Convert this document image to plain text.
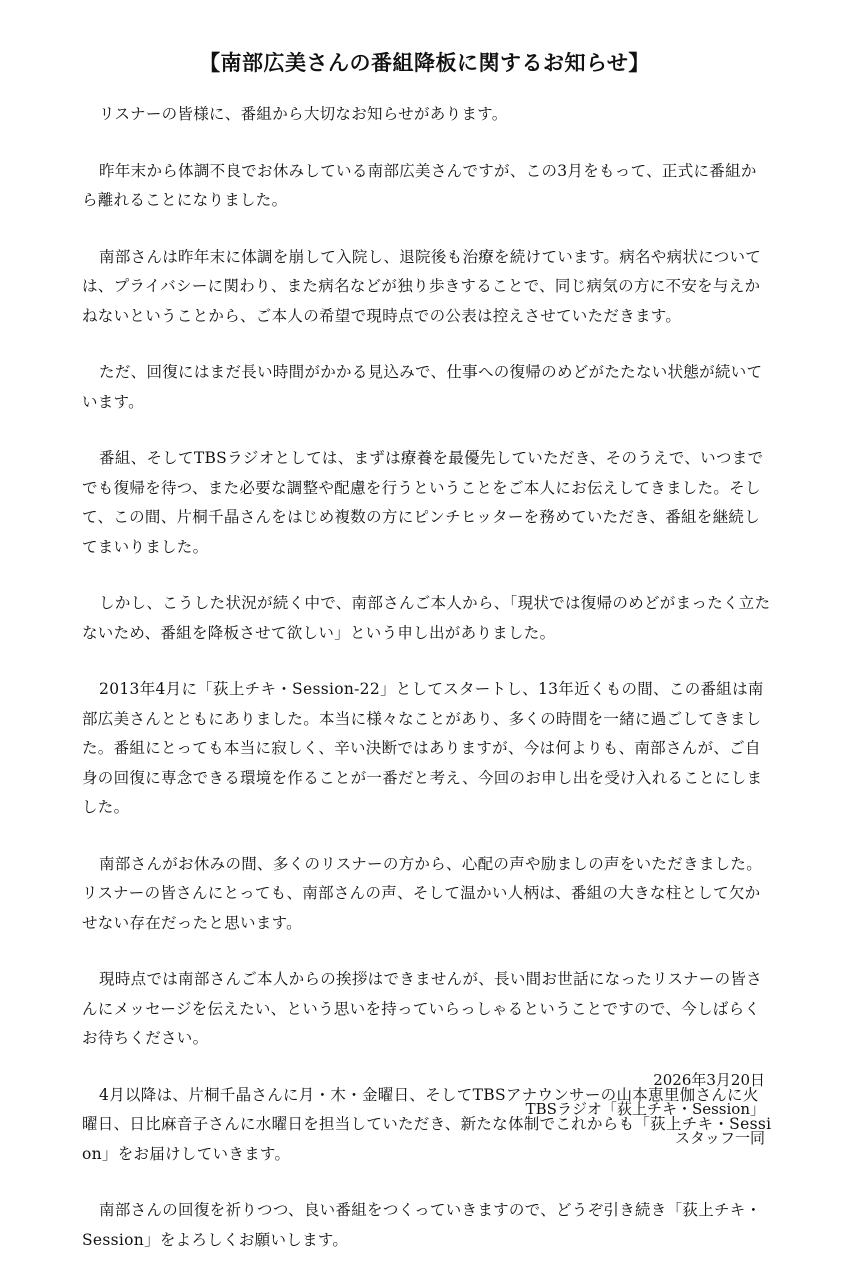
【南部広美さんの番組降板に関するお知らせ】

リスナーの皆様に、番組から大切なお知らせがあります。

昨年末から体調不良でお休みしている南部広美さんですが、この3月をもって、正式に番組から離れることになりました。

南部さんは昨年末に体調を崩して入院し、退院後も治療を続けています。病名や病状については、プライバシーに関わり、また病名などが独り歩きすることで、同じ病気の方に不安を与えかねないということから、ご本人の希望で現時点での公表は控えさせていただきます。

ただ、回復にはまだ長い時間がかかる見込みで、仕事への復帰のめどがたたない状態が続いています。

番組、そしてTBSラジオとしては、まずは療養を最優先していただき、そのうえで、いつまででも復帰を待つ、また必要な調整や配慮を行うということをご本人にお伝えしてきました。そして、この間、片桐千晶さんをはじめ複数の方にピンチヒッターを務めていただき、番組を継続してまいりました。

しかし、こうした状況が続く中で、南部さんご本人から、「現状では復帰のめどがまったく立たないため、番組を降板させて欲しい」という申し出がありました。

2013年4月に「荻上チキ・Session-22」としてスタートし、13年近くもの間、この番組は南部広美さんとともにありました。本当に様々なことがあり、多くの時間を一緒に過ごしてきました。番組にとっても本当に寂しく、辛い決断ではありますが、今は何よりも、南部さんが、ご自身の回復に専念できる環境を作ることが一番だと考え、今回のお申し出を受け入れることにしました。

南部さんがお休みの間、多くのリスナーの方から、心配の声や励ましの声をいただきました。リスナーの皆さんにとっても、南部さんの声、そして温かい人柄は、番組の大きな柱として欠かせない存在だったと思います。

現時点では南部さんご本人からの挨拶はできませんが、長い間お世話になったリスナーの皆さんにメッセージを伝えたい、という思いを持っていらっしゃるということですので、今しばらくお待ちください。

4月以降は、片桐千晶さんに月・木・金曜日、そしてTBSアナウンサーの山本恵里伽さんに火曜日、日比麻音子さんに水曜日を担当していただき、新たな体制でこれからも「荻上チキ・Session」をお届けしていきます。

南部さんの回復を祈りつつ、良い番組をつくっていきますので、どうぞ引き続き「荻上チキ・Session」をよろしくお願いします。

2026年3月20日
TBSラジオ「荻上チキ・Session」
スタッフ一同
